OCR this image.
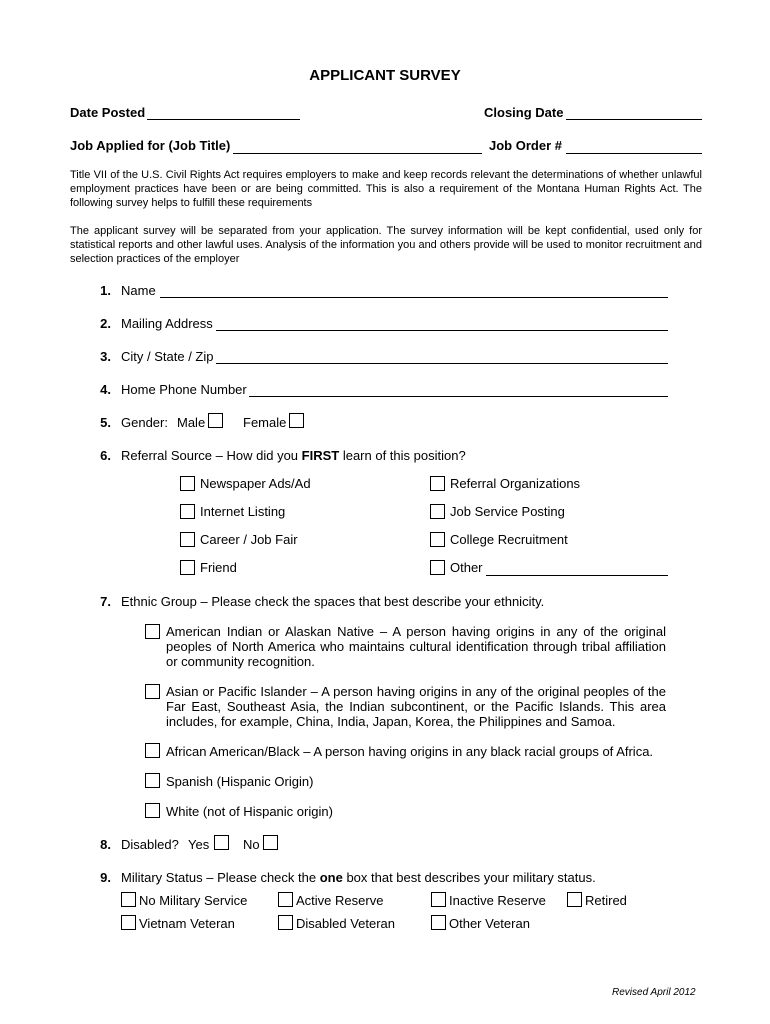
APPLICANT SURVEY
Date Posted	Closing Date
Job Applied for (Job Title)	Job Order #
Title VII of the U.S. Civil Rights Act requires employers to make and keep records relevant the determinations of whether unlawful employment practices have been or are being committed. This is also a requirement of the Montana Human Rights Act. The following survey helps to fulfill these requirements
The applicant survey will be separated from your application. The survey information will be kept confidential, used only for statistical reports and other lawful uses. Analysis of the information you and others provide will be used to monitor recruitment and selection practices of the employer
1. Name
2. Mailing Address
3. City / State / Zip
4. Home Phone Number
5. Gender: Male	Female
6. Referral Source – How did you FIRST learn of this position?
Newspaper Ads/Ad	Referral Organizations
Internet Listing	Job Service Posting
Career / Job Fair	College Recruitment
Friend	Other
7. Ethnic Group – Please check the spaces that best describe your ethnicity.
American Indian or Alaskan Native – A person having origins in any of the original peoples of North America who maintains cultural identification through tribal affiliation or community recognition.
Asian or Pacific Islander – A person having origins in any of the original peoples of the Far East, Southeast Asia, the Indian subcontinent, or the Pacific Islands. This area includes, for example, China, India, Japan, Korea, the Philippines and Samoa.
African American/Black – A person having origins in any black racial groups of Africa.
Spanish (Hispanic Origin)
White (not of Hispanic origin)
8. Disabled? Yes	No
9. Military Status – Please check the one box that best describes your military status.
No Military Service	Active Reserve	Inactive Reserve	Retired
Vietnam Veteran	Disabled Veteran	Other Veteran
Revised April 2012
